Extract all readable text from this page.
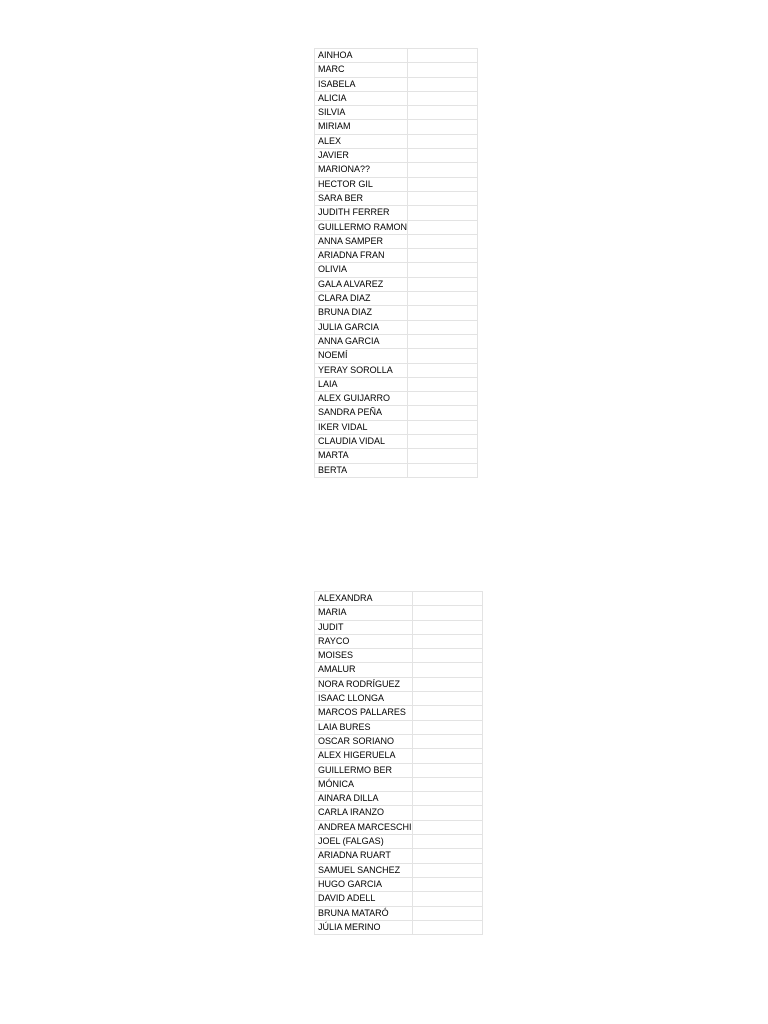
AINHOA	
MARC	
ISABELA	
ALICIA	
SILVIA	
MIRIAM	
ALEX	
JAVIER	
MARIONA??	
HECTOR GIL	
SARA BER	
JUDITH FERRER	
GUILLERMO RAMON	
ANNA SAMPER	
ARIADNA FRAN	
OLIVIA	
GALA ALVAREZ	
CLARA DIAZ	
BRUNA DIAZ	
JULIA GARCIA	
ANNA GARCIA	
NOEMÍ	
YERAY SOROLLA	
LAIA	
ALEX GUIJARRO	
SANDRA PEÑA	
IKER VIDAL	
CLAUDIA VIDAL	
MARTA	
BERTA	
ALEXANDRA	
MARIA	
JUDIT	
RAYCO	
MOISES	
AMALUR	
NORA RODRÍGUEZ	
ISAAC LLONGA	
MARCOS PALLARES	
LAIA BURES	
OSCAR SORIANO	
ALEX HIGERUELA	
GUILLERMO BER	
MÓNICA	
AINARA DILLA	
CARLA IRANZO	
ANDREA MARCESCHI	
JOEL (FALGAS)	
ARIADNA RUART	
SAMUEL SANCHEZ	
HUGO GARCIA	
DAVID ADELL	
BRUNA MATARÓ	
JÚLIA MERINO	
